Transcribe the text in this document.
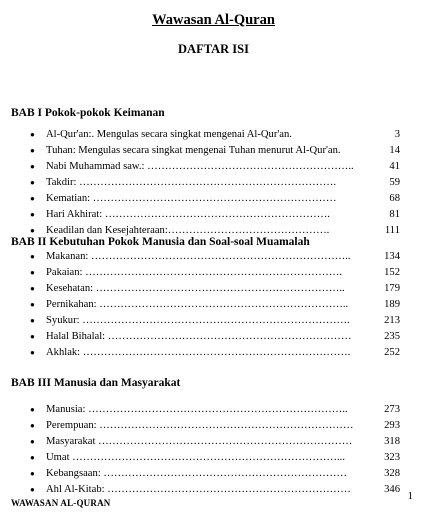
Wawasan Al-Quran
DAFTAR ISI
BAB I Pokok-pokok Keimanan
● Al-Qur'an:. Mengulas secara singkat mengenai Al-Qur'an.	3
● Tuhan: Mengulas secara singkat mengenai Tuhan menurut Al-Qur'an.	14
● Nabi Muhammad saw.: …………………………………………………..	41
● Takdir: ……………………………………………………………….	59
● Kematian: ……………………………………………………………	68
● Hari Akhirat: ……………………………………………………….	81
● Keadilan dan Kesejahteraan:……………………………………….	111
BAB II Kebutuhan Pokok Manusia dan Soal-soal Muamalah
● Makanan: ………………………………………………………………..	134
● Pakaian: ……………………………………………………………….	152
● Kesehatan: ……………………………………………………………..	179
● Pernikahan: ……………………………………………………………..	189
● Syukur: ………………………………………………………………….	213
● Halal Bihalal: ……………………………………………………………	235
● Akhlak: ………………………………………………………………….	252
BAB III Manusia dan Masyarakat
● Manusia: ………………………………………………………………..	273
● Perempuan: ………………………………………………………………	293
● Masyarakat ………………………………………………………………	318
● Umat …………………………………………………………………...	323
● Kebangsaan: ……………………………………………………………	328
● Ahl Al-Kitab: ……………………………………………………………	346
1
WAWASAN AL-QURAN
